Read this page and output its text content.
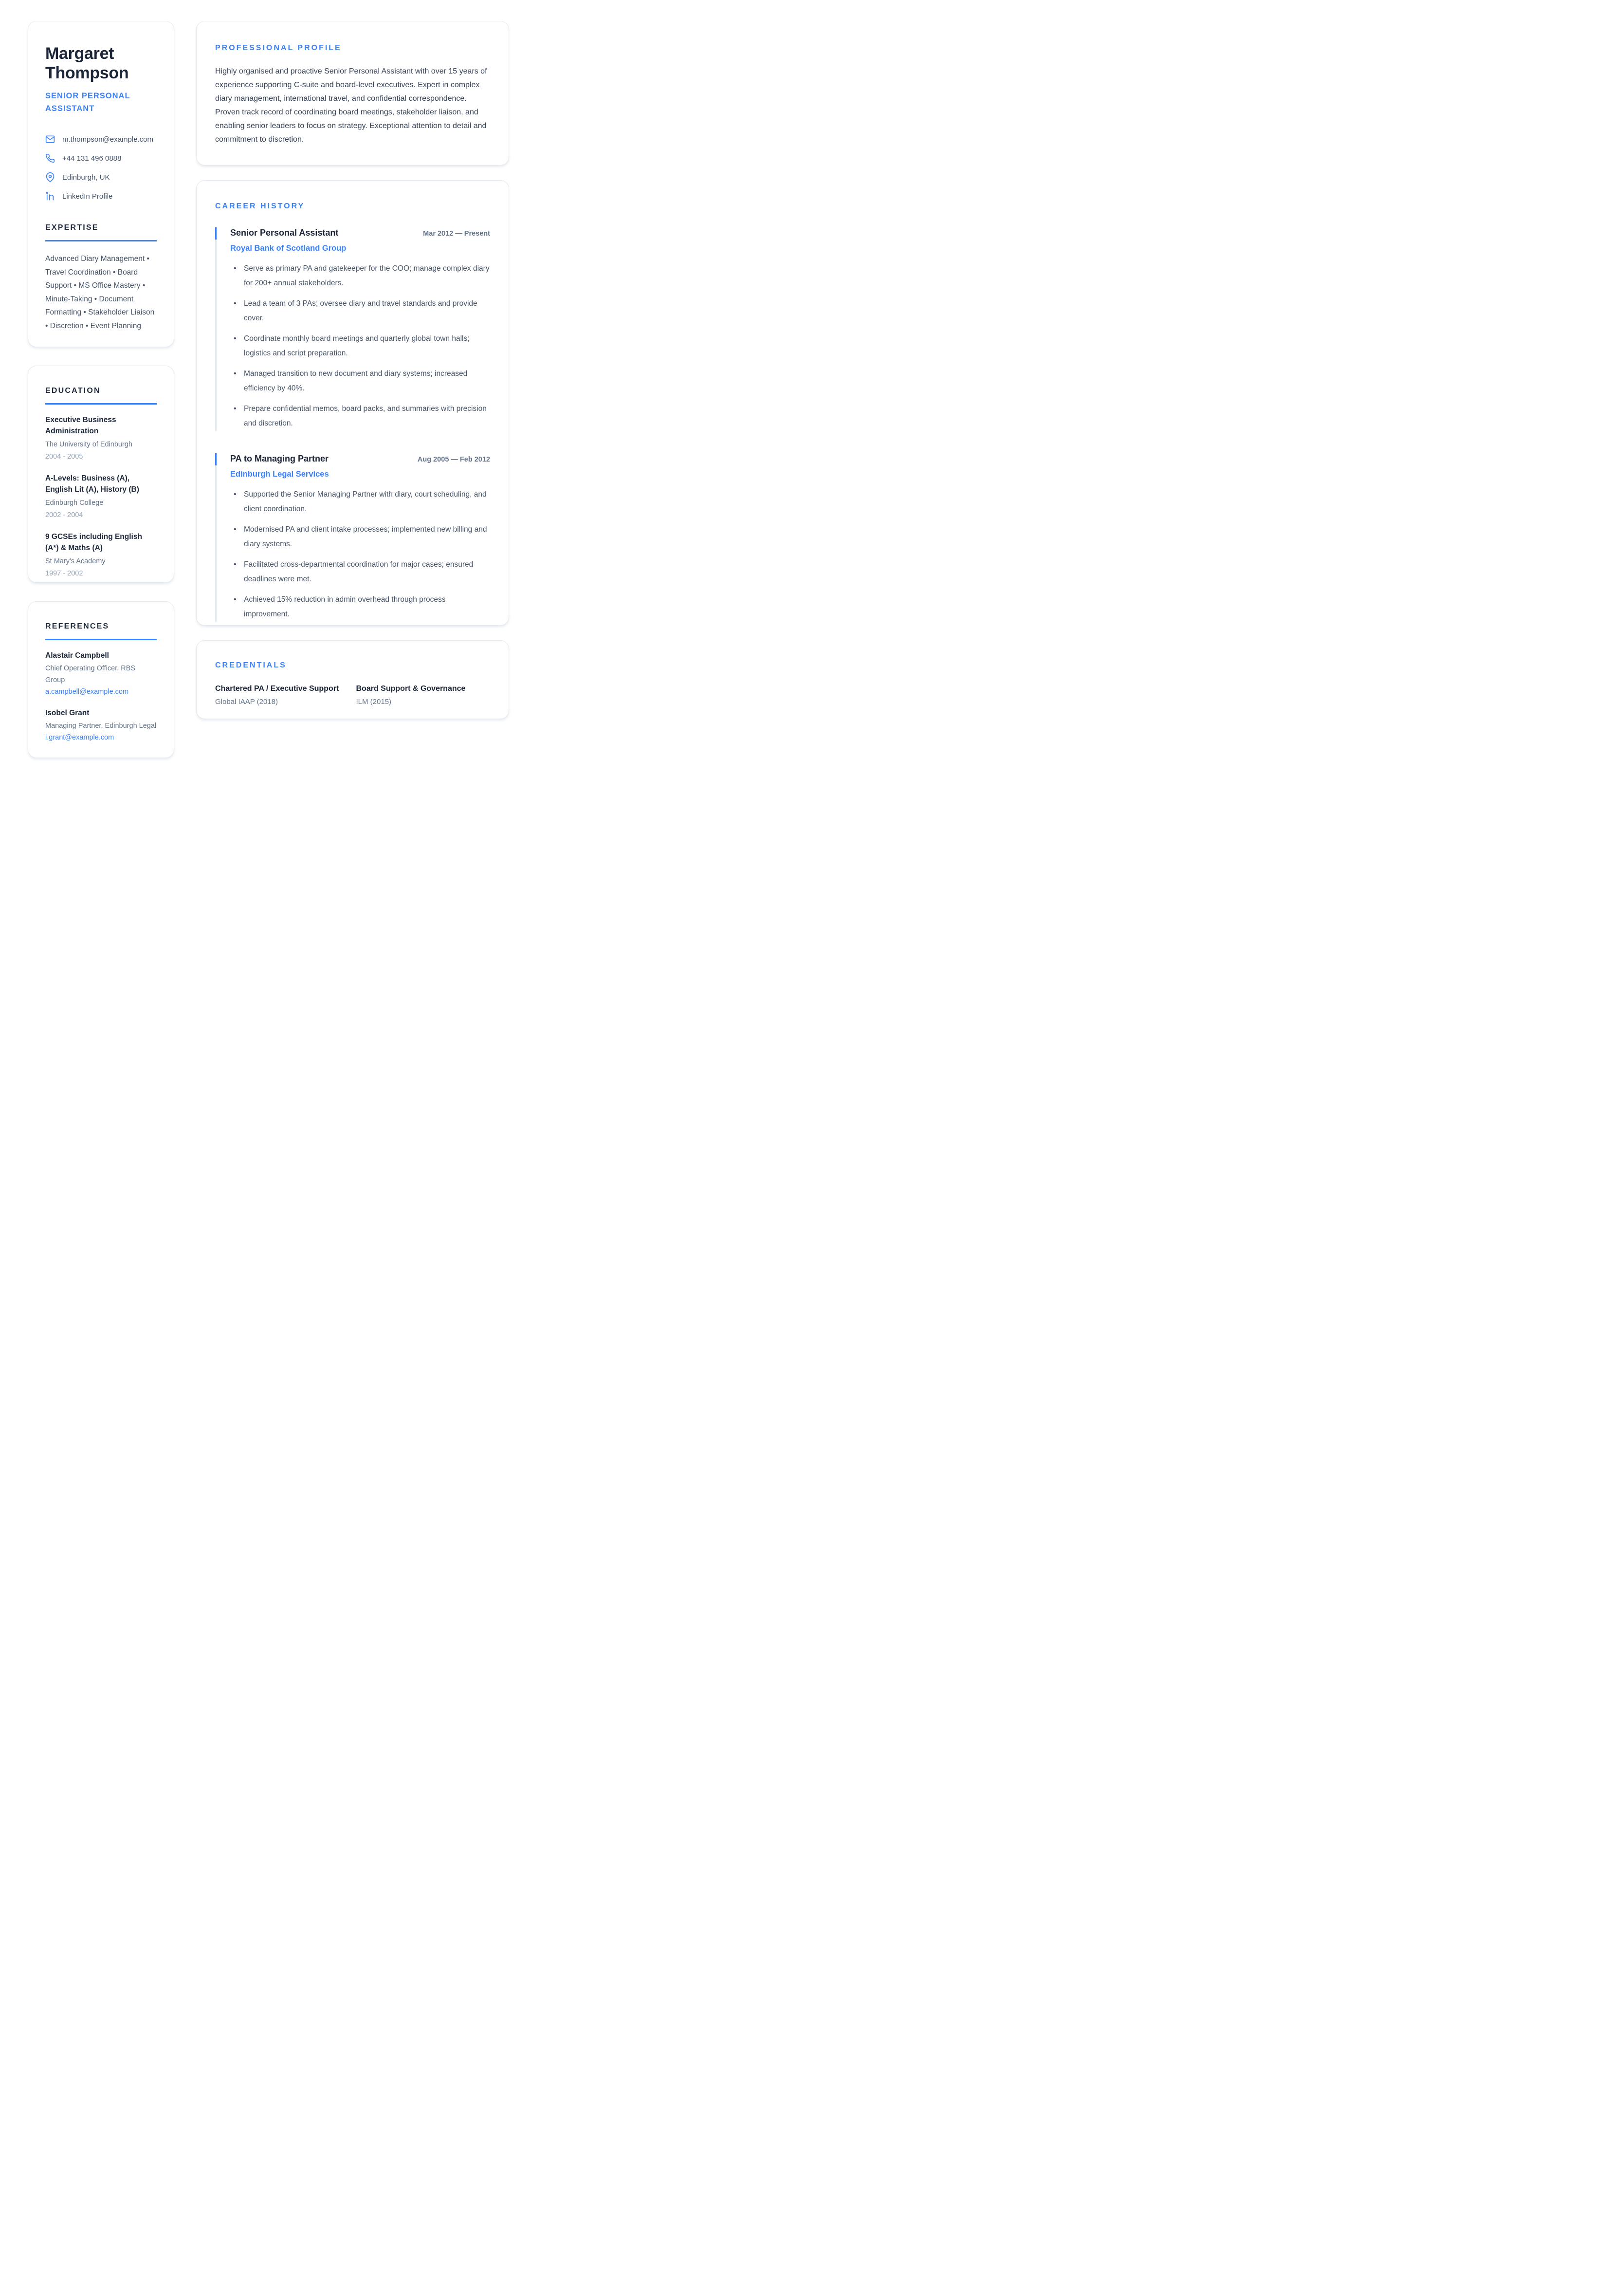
Margaret Thompson
SENIOR PERSONAL ASSISTANT
m.thompson@example.com
+44 131 496 0888
Edinburgh, UK
LinkedIn Profile
EXPERTISE

Advanced Diary Management • Travel Coordination • Board Support • MS Office Mastery • Minute-Taking • Document Formatting • Stakeholder Liaison • Discretion • Event Planning

EDUCATION
Executive Business Administration
The University of Edinburgh
2004 - 2005
A-Levels: Business (A), English Lit (A), History (B)
Edinburgh College
2002 - 2004
9 GCSEs including English (A*) & Maths (A)
St Mary's Academy
1997 - 2002
REFERENCES
Alastair Campbell
Chief Operating Officer, RBS Group
a.campbell@example.com
Isobel Grant
Managing Partner, Edinburgh Legal
i.grant@example.com
PROFESSIONAL PROFILE

Highly organised and proactive Senior Personal Assistant with over 15 years of experience supporting C-suite and board-level executives. Expert in complex diary management, international travel, and confidential correspondence. Proven track record of coordinating board meetings, stakeholder liaison, and enabling senior leaders to focus on strategy. Exceptional attention to detail and commitment to discretion.

CAREER HISTORY
Senior Personal Assistant	Mar 2012 — Present
Royal Bank of Scotland Group
• Serve as primary PA and gatekeeper for the COO; manage complex diary for 200+ annual stakeholders.
• Lead a team of 3 PAs; oversee diary and travel standards and provide cover.
• Coordinate monthly board meetings and quarterly global town halls; logistics and script preparation.
• Managed transition to new document and diary systems; increased efficiency by 40%.
• Prepare confidential memos, board packs, and summaries with precision and discretion.
PA to Managing Partner	Aug 2005 — Feb 2012
Edinburgh Legal Services
• Supported the Senior Managing Partner with diary, court scheduling, and client coordination.
• Modernised PA and client intake processes; implemented new billing and diary systems.
• Facilitated cross-departmental coordination for major cases; ensured deadlines were met.
• Achieved 15% reduction in admin overhead through process improvement.
CREDENTIALS
Chartered PA / Executive Support
Global IAAP (2018)
Board Support & Governance
ILM (2015)
